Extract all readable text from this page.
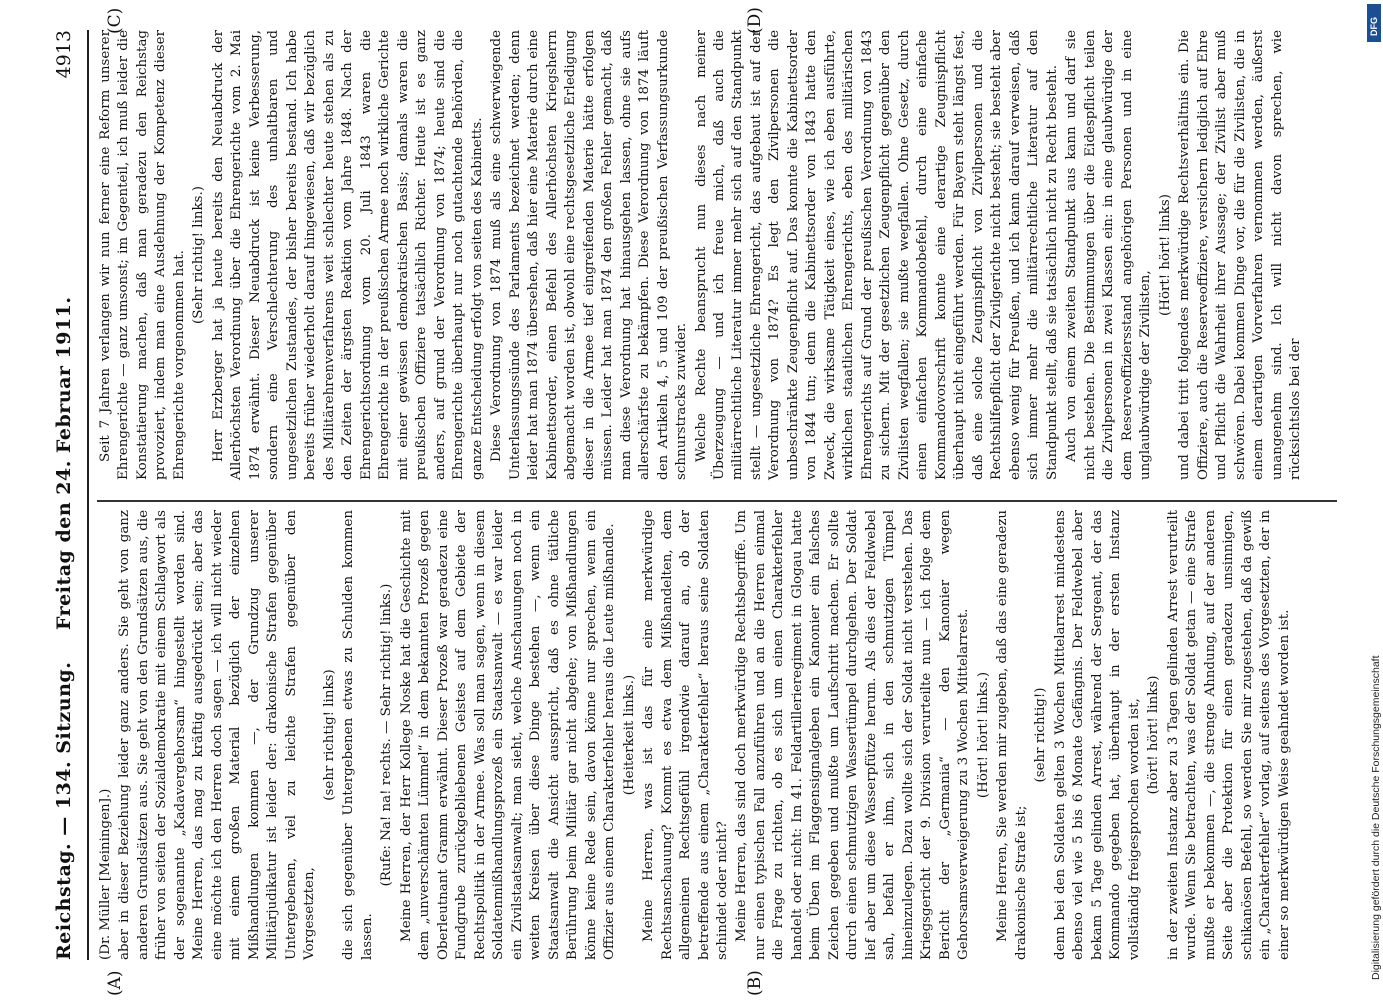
Reichstag. — 134. Sitzung.
Freitag den 24. Februar 1911.
4913
(A)	(B)
(C)	(D)

(Dr. Müller [Meiningen].) aber in dieser Beziehung leider ganz anders. Sie geht von ganz anderen Grundsätzen aus. Sie geht von den Grundsätzen aus, die früher von seiten der Sozialdemokratie mit einem Schlagwort als der sogenannte „Kadavergehorsam“ hingestellt worden sind. Meine Herren, das mag zu kräftig ausgedrückt sein; aber das eine möchte ich den Herren doch sagen — ich will nicht wieder mit einem großen Material bezüglich der einzelnen Mißhandlungen kommen —, der Grundzug unserer Militärjudikatur ist leider der: drakonische Strafen gegenüber Untergebenen, viel zu leichte Strafen gegenüber den Vorgesetzten,

(sehr richtig! links) die sich gegenüber Untergebenen etwas zu Schulden kommen lassen.

(Rufe: Na! na! rechts. — Sehr richtig! links.) Meine Herren, der Herr Kollege Noske hat die Geschichte mit dem „unverschämten Lümmel“ in dem bekannten Prozeß gegen Oberleutnant Gramm erwähnt. Dieser Prozeß war geradezu eine Fundgrube zurückgebliebenen Geistes auf dem Gebiete der Rechtspolitik in der Armee. Was soll man sagen, wenn in diesem Soldatenmißhandlungsprozeß ein Staatsanwalt — es war leider ein Zivilstaatsanwalt; man sieht, welche Anschauungen noch in weiten Kreisen über diese Dinge bestehen —, wenn ein Staatsanwalt die Ansicht ausspricht, daß es ohne tätliche Berührung beim Militär gar nicht abgehe; von Mißhandlungen könne keine Rede sein, davon könne nur sprechen, wenn ein Offizier aus einem Charakterfehler heraus die Leute mißhandle. (Heiterkeit links.) Meine Herren, was ist das für eine merkwürdige Rechtsanschauung? Kommt es etwa dem Mißhandelten, dem allgemeinen Rechtsgefühl irgendwie darauf an, ob der betreffende aus einem „Charakterfehler“ heraus seine Soldaten schindet oder nicht? Meine Herren, das sind doch merkwürdige Rechtsbegriffe. Um nur einen typischen Fall anzuführen und an die Herren einmal die Frage zu richten, ob es sich um einen Charakterfehler handelt oder nicht: Im 41. Feldartillerieregiment in Glogau hatte beim Üben im Flaggensignalgeben ein Kanonier ein falsches Zeichen gegeben und mußte um Laufschritt machen. Er sollte durch einen schmutzigen Wassertümpel durchgehen. Der Soldat lief aber um diese Wasserpfütze herum. Als dies der Feldwebel sah, befahl er ihm, sich in den schmutzigen Tümpel hineinzulegen. Dazu wollte sich der Soldat nicht verstehen. Das Kriegsgericht der 9. Division verurteilte nun — ich folge dem Bericht der „Germania“ — den Kanonier wegen Gehorsamsverweigerung zu 3 Wochen Mittelarrest. (Hört! hört! links.) Meine Herren, Sie werden mir zugeben, daß das eine geradezu drakonische Strafe ist;

(sehr richtig!) denn bei den Soldaten gelten 3 Wochen Mittelarrest mindestens ebenso viel wie 5 bis 6 Monate Gefängnis. Der Feldwebel aber bekam 5 Tage gelinden Arrest, während der Sergeant, der das Kommando gegeben hat, überhaupt in der ersten Instanz vollständig freigesprochen worden ist, (hört! hört! links) in der zweiten Instanz aber zu 3 Tagen gelinden Arrest verurteilt wurde. Wenn Sie betrachten, was der Soldat getan — eine Strafe mußte er bekommen —, die strenge Ahndung, auf der anderen Seite aber die Protektion für einen geradezu unsinnigen, schikanösen Befehl, so werden Sie mir zugestehen, daß da gewiß ein „Charakterfehler“ vorlag, auf seitens des Vorgesetzten, der in einer so merkwürdigen Weise geahndet worden ist.

Seit 7 Jahren verlangen wir nun ferner eine Reform unserer Ehrengerichte — ganz umsonst; im Gegenteil, ich muß leider die Konstatierung machen, daß man geradezu den Reichstag provoziert, indem man eine Ausdehnung der Kompetenz dieser Ehrengerichte vorgenommen hat. (Sehr richtig! links.) Herr Erzberger hat ja heute bereits den Neuabdruck der Allerhöchsten Verordnung über die Ehrengerichte vom 2. Mai 1874 erwähnt. Dieser Neuabdruck ist keine Verbesserung, sondern eine Verschlechterung des unhaltbaren und ungesetzlichen Zustandes, der bisher bereits bestand. Ich habe bereits früher wiederholt darauf hingewiesen, daß wir bezüglich des Militärehrenverfahrens weit schlechter heute stehen als zu den Zeiten der ärgsten Reaktion vom Jahre 1848. Nach der Ehrengerichtsordnung vom 20. Juli 1843 waren die Ehrengerichte in der preußischen Armee noch wirkliche Gerichte mit einer gewissen demokratischen Basis; damals waren die preußischen Offiziere tatsächlich Richter. Heute ist es ganz anders, auf grund der Verordnung von 1874; heute sind die Ehrengerichte überhaupt nur noch gutachtende Behörden, die ganze Entscheidung erfolgt von seiten des Kabinetts. Diese Verordnung von 1874 muß als eine schwerwiegende Unterlassungssünde des Parlaments bezeichnet werden; denn leider hat man 1874 übersehen, daß hier eine Materie durch eine Kabinettsorder, einen Befehl des Allerhöchsten Kriegsherrn abgemacht worden ist, obwohl eine rechtsgesetzliche Erledigung dieser in die Armee tief eingreifenden Materie hätte erfolgen müssen. Leider hat man 1874 den großen Fehler gemacht, daß man diese Verordnung hat hinausgehen lassen, ohne sie aufs allerschärfste zu bekämpfen. Diese Verordnung von 1874 läuft den Artikeln 4, 5 und 109 der preußischen Verfassungsurkunde schnurstracks zuwider. Welche Rechte beansprucht nun dieses nach meiner Überzeugung — und ich freue mich, daß auch die militärrechtliche Literatur immer mehr sich auf den Standpunkt stellt — ungesetzliche Ehrengericht, das aufgebaut ist auf der Verordnung von 1874? Es legt den Zivilpersonen die unbeschränkte Zeugenpflicht auf. Das konnte die Kabinettsorder von 1844 tun; denn die Kabinettsorder von 1843 hatte den Zweck, die wirksame Tätigkeit eines, wie ich eben ausführte, wirklichen staatlichen Ehrengerichts, eben des militärischen Ehrengerichts auf Grund der preußischen Verordnung von 1843 zu sichern. Mit der gesetzlichen Zeugenpflicht gegenüber den Zivilisten wegfallen; sie mußte wegfallen. Ohne Gesetz, durch einen einfachen Kommandobefehl, durch eine einfache Kommandovorschrift konnte eine derartige Zeugnispflicht überhaupt nicht eingeführt werden. Für Bayern steht längst fest, daß eine solche Zeugnispflicht von Zivilpersonen und die Rechtshilfepflicht der Zivilgerichte nicht besteht; sie besteht aber ebenso wenig für Preußen, und ich kann darauf verweisen, daß sich immer mehr die militärrechtliche Literatur auf den Standpunkt stellt, daß sie tatsächlich nicht zu Recht besteht. Auch von einem zweiten Standpunkt aus kann und darf sie nicht bestehen. Die Bestimmungen über die Eidespflicht teilen die Zivilpersonen in zwei Klassen ein: in eine glaubwürdige der dem Reserveoffiziersstand angehörigen Personen und in eine unglaubwürdige der Zivilisten,

(Hört! hört! links) und dabei tritt folgendes merkwürdige Rechtsverhältnis ein. Die Offiziere, auch die Reserveoffiziere, versichern lediglich auf Ehre und Pflicht die Wahrheit ihrer Aussage; der Zivilist aber muß schwören. Dabei kommen Dinge vor, die für die Zivilisten, die in einem derartigen Vorverfahren vernommen werden, äußerst unangenehm sind. Ich will nicht davon sprechen, wie rücksichtslos bei der

DFG
Digitalisierung gefördert durch die Deutsche Forschungsgemeinschaft
